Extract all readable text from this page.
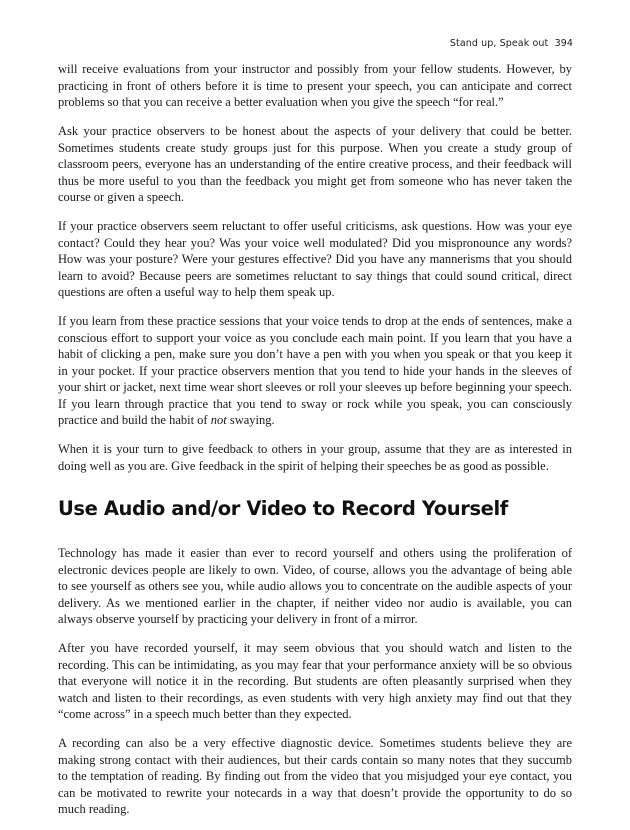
Stand up, Speak out 394

will receive evaluations from your instructor and possibly from your fellow students. However, by practicing in front of others before it is time to present your speech, you can anticipate and correct problems so that you can receive a better evaluation when you give the speech “for real.”

Ask your practice observers to be honest about the aspects of your delivery that could be better. Sometimes students create study groups just for this purpose. When you create a study group of classroom peers, everyone has an understanding of the entire creative process, and their feedback will thus be more useful to you than the feedback you might get from someone who has never taken the course or given a speech.

If your practice observers seem reluctant to offer useful criticisms, ask questions. How was your eye contact? Could they hear you? Was your voice well modulated? Did you mispronounce any words? How was your posture? Were your gestures effective? Did you have any mannerisms that you should learn to avoid? Because peers are sometimes reluctant to say things that could sound critical, direct questions are often a useful way to help them speak up.

If you learn from these practice sessions that your voice tends to drop at the ends of sentences, make a conscious effort to support your voice as you conclude each main point. If you learn that you have a habit of clicking a pen, make sure you don’t have a pen with you when you speak or that you keep it in your pocket. If your practice observers mention that you tend to hide your hands in the sleeves of your shirt or jacket, next time wear short sleeves or roll your sleeves up before beginning your speech. If you learn through practice that you tend to sway or rock while you speak, you can consciously practice and build the habit of not swaying.

When it is your turn to give feedback to others in your group, assume that they are as interested in doing well as you are. Give feedback in the spirit of helping their speeches be as good as possible.

Use Audio and/or Video to Record Yourself

Technology has made it easier than ever to record yourself and others using the proliferation of electronic devices people are likely to own. Video, of course, allows you the advantage of being able to see yourself as others see you, while audio allows you to concentrate on the audible aspects of your delivery. As we mentioned earlier in the chapter, if neither video nor audio is available, you can always observe yourself by practicing your delivery in front of a mirror.

After you have recorded yourself, it may seem obvious that you should watch and listen to the recording. This can be intimidating, as you may fear that your performance anxiety will be so obvious that everyone will notice it in the recording. But students are often pleasantly surprised when they watch and listen to their recordings, as even students with very high anxiety may find out that they “come across” in a speech much better than they expected.

A recording can also be a very effective diagnostic device. Sometimes students believe they are making strong contact with their audiences, but their cards contain so many notes that they succumb to the temptation of reading. By finding out from the video that you misjudged your eye contact, you can be motivated to rewrite your notecards in a way that doesn’t provide the opportunity to do so much reading.
